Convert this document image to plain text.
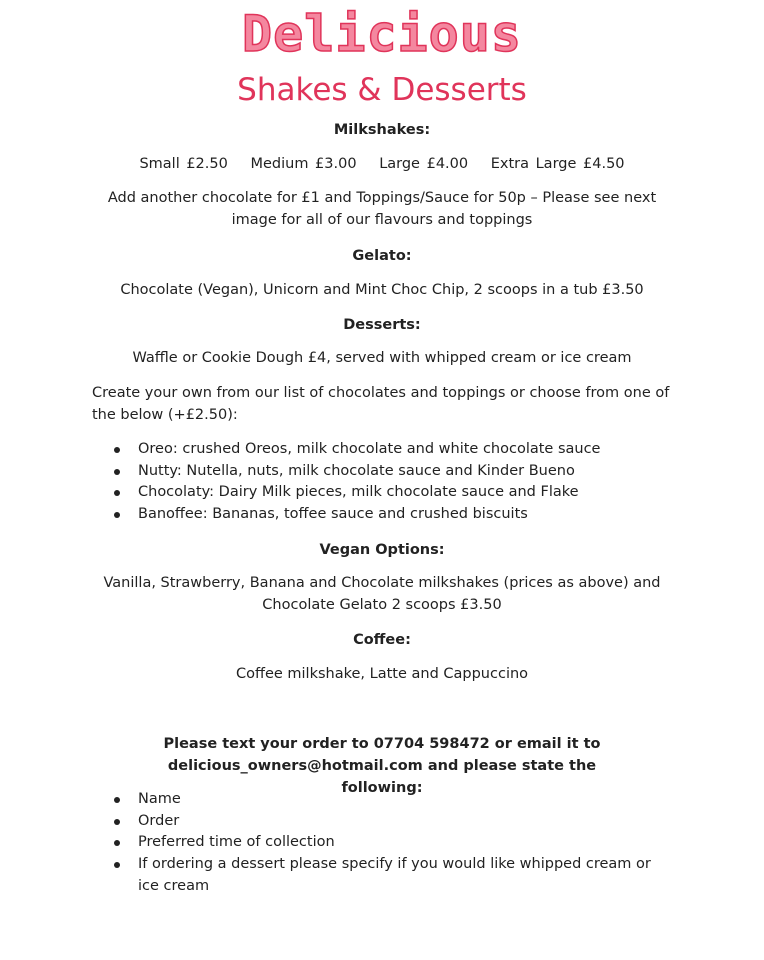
Delicious
Shakes & Desserts
Milkshakes:
Small £2.50 Medium £3.00 Large £4.00 Extra Large £4.50
Add another chocolate for £1 and Toppings/Sauce for 50p – Please see next image for all of our flavours and toppings
Gelato:
Chocolate (Vegan), Unicorn and Mint Choc Chip, 2 scoops in a tub £3.50
Desserts:
Waffle or Cookie Dough £4, served with whipped cream or ice cream
Create your own from our list of chocolates and toppings or choose from one of the below (+£2.50):
Oreo: crushed Oreos, milk chocolate and white chocolate sauce
Nutty: Nutella, nuts, milk chocolate sauce and Kinder Bueno
Chocolaty: Dairy Milk pieces, milk chocolate sauce and Flake
Banoffee: Bananas, toffee sauce and crushed biscuits
Vegan Options:
Vanilla, Strawberry, Banana and Chocolate milkshakes (prices as above) and Chocolate Gelato 2 scoops £3.50
Coffee:
Coffee milkshake, Latte and Cappuccino
Please text your order to 07704 598472 or email it to delicious_owners@hotmail.com and please state the following:
Name
Order
Preferred time of collection
If ordering a dessert please specify if you would like whipped cream or ice cream
